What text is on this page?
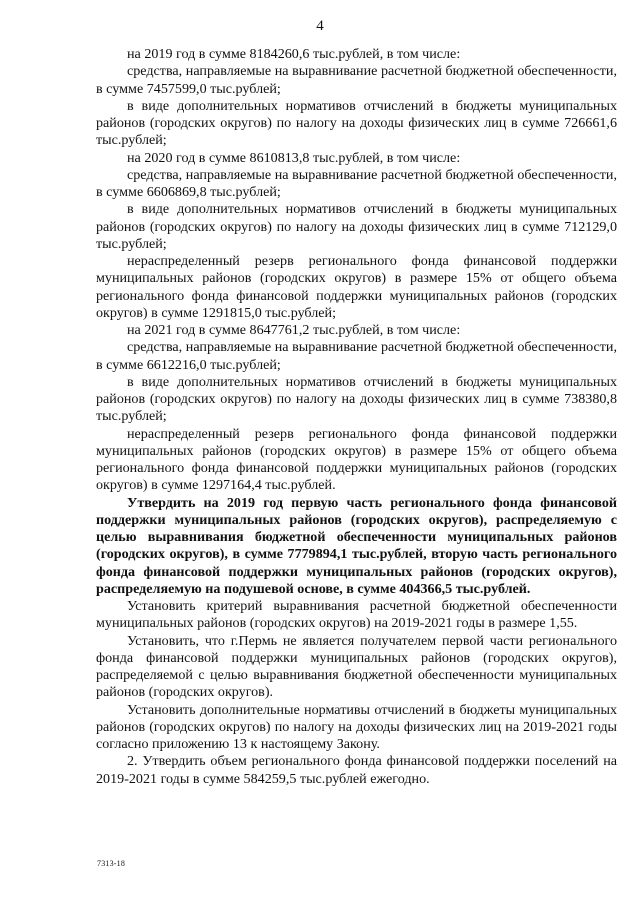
4

на 2019 год в сумме 8184260,6 тыс.рублей, в том числе:

средства, направляемые на выравнивание расчетной бюджетной обеспеченности, в сумме 7457599,0 тыс.рублей;

в виде дополнительных нормативов отчислений в бюджеты муниципальных районов (городских округов) по налогу на доходы физических лиц в сумме 726661,6 тыс.рублей;

на 2020 год в сумме 8610813,8 тыс.рублей, в том числе:

средства, направляемые на выравнивание расчетной бюджетной обеспеченности, в сумме 6606869,8 тыс.рублей;

в виде дополнительных нормативов отчислений в бюджеты муниципальных районов (городских округов) по налогу на доходы физических лиц в сумме 712129,0 тыс.рублей;

нераспределенный резерв регионального фонда финансовой поддержки муниципальных районов (городских округов) в размере 15% от общего объема регионального фонда финансовой поддержки муниципальных районов (городских округов) в сумме 1291815,0 тыс.рублей;

на 2021 год в сумме 8647761,2 тыс.рублей, в том числе:

средства, направляемые на выравнивание расчетной бюджетной обеспеченности, в сумме 6612216,0 тыс.рублей;

в виде дополнительных нормативов отчислений в бюджеты муниципальных районов (городских округов) по налогу на доходы физических лиц в сумме 738380,8 тыс.рублей;

нераспределенный резерв регионального фонда финансовой поддержки муниципальных районов (городских округов) в размере 15% от общего объема регионального фонда финансовой поддержки муниципальных районов (городских округов) в сумме 1297164,4 тыс.рублей.

Утвердить на 2019 год первую часть регионального фонда финансовой поддержки муниципальных районов (городских округов), распределяемую с целью выравнивания бюджетной обеспеченности муниципальных районов (городских округов), в сумме 7779894,1 тыс.рублей, вторую часть регионального фонда финансовой поддержки муниципальных районов (городских округов), распределяемую на подушевой основе, в сумме 404366,5 тыс.рублей.

Установить критерий выравнивания расчетной бюджетной обеспеченности муниципальных районов (городских округов) на 2019-2021 годы в размере 1,55.

Установить, что г.Пермь не является получателем первой части регионального фонда финансовой поддержки муниципальных районов (городских округов), распределяемой с целью выравнивания бюджетной обеспеченности муниципальных районов (городских округов).

Установить дополнительные нормативы отчислений в бюджеты муниципальных районов (городских округов) по налогу на доходы физических лиц на 2019-2021 годы согласно приложению 13 к настоящему Закону.

2. Утвердить объем регионального фонда финансовой поддержки поселений на 2019-2021 годы в сумме 584259,5 тыс.рублей ежегодно.

7313-18
